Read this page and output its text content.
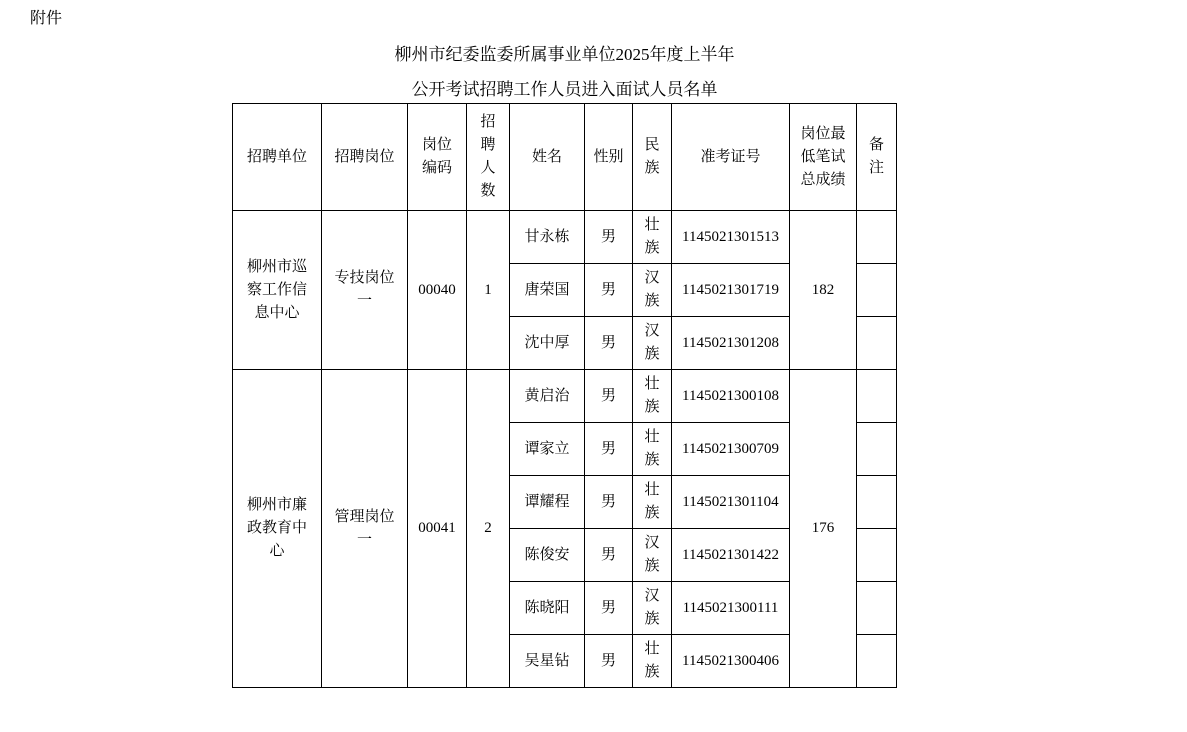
附件
柳州市纪委监委所属事业单位2025年度上半年
公开考试招聘工作人员进入面试人员名单
招聘单位	招聘岗位	岗位编码	招聘人数	姓名	性别	民族	准考证号	岗位最低笔试总成绩	备注
柳州市巡察工作信息中心	专技岗位一	00040	1	甘永栋	男	壮族	1145021301513	182	
				唐荣国	男	汉族	1145021301719		
				沈中厚	男	汉族	1145021301208		
柳州市廉政教育中心	管理岗位一	00041	2	黄启治	男	壮族	1145021300108	176	
				谭家立	男	壮族	1145021300709		
				谭耀程	男	壮族	1145021301104		
				陈俊安	男	汉族	1145021301422		
				陈晓阳	男	汉族	1145021300111		
				吴星钻	男	壮族	1145021300406		
